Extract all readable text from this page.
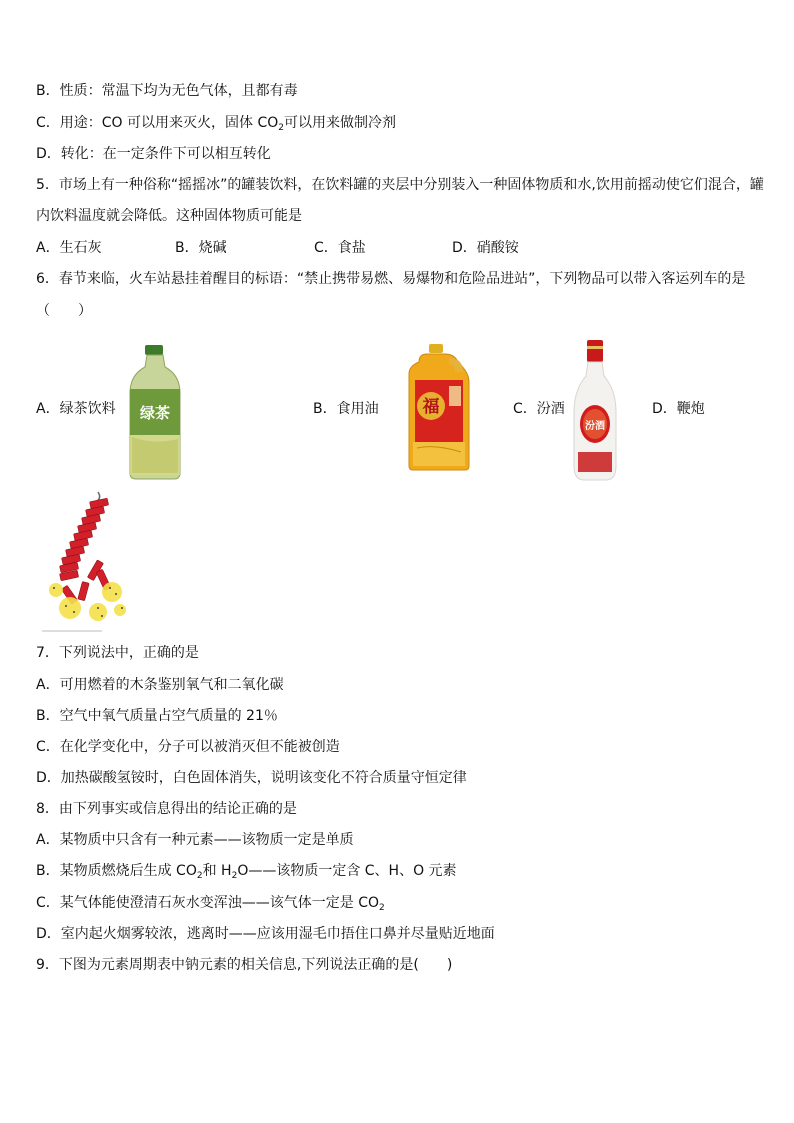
B．性质：常温下均为无色气体，且都有毒
C．用途：CO 可以用来灭火，固体 $CO_2$可以用来做制冷剂
D．转化：在一定条件下可以相互转化
5．市场上有一种俗称“摇摇冰”的罐装饮料，在饮料罐的夹层中分别装入一种固体物质和水,饮用前摇动使它们混合，罐
内饮料温度就会降低。这种固体物质可能是
A．生石灰	B．烧碱	C．食盐	D．硝酸铵
6．春节来临，火车站悬挂着醒目的标语：“禁止携带易燃、易爆物和危险品进站”，下列物品可以带入客运列车的是
（　　）
A．绿茶饮料	B．食用油	C．汾酒	D．鞭炮
绿茶	福
汾酒
7．下列说法中，正确的是
A．可用燃着的木条鉴别氧气和二氧化碳
B．空气中氧气质量占空气质量的 21％
C．在化学变化中，分子可以被消灭但不能被创造
D．加热碳酸氢铵时，白色固体消失，说明该变化不符合质量守恒定律
8．由下列事实或信息得出的结论正确的是
A．某物质中只含有一种元素——该物质一定是单质
B．某物质燃烧后生成 $CO_2$和 $H_2O——$该物质一定含 C、H、O 元素
C．某气体能使澄清石灰水变浑浊——该气体一定是 $CO_2$
D．室内起火烟雾较浓，逃离时——应该用湿毛巾捂住口鼻并尽量贴近地面
9．下图为元素周期表中钠元素的相关信息,下列说法正确的是(　　)
